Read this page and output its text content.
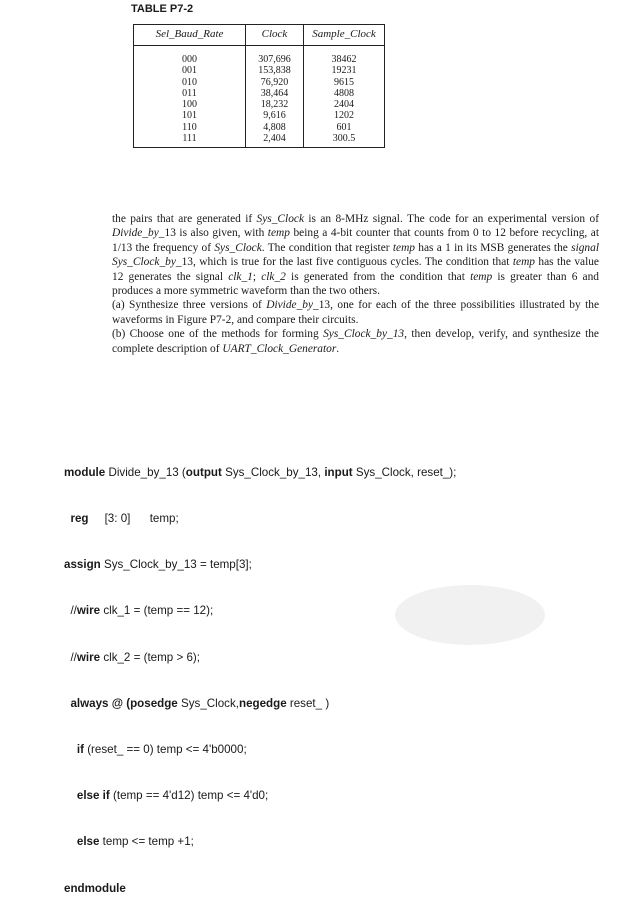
TABLE P7-2
Sel_Baud_Rate	Clock	Sample_Clock
000	307,696	38462
001	153,838	19231
010	76,920	9615
011	38,464	4808
100	18,232	2404
101	9,616	1202
110	4,808	601
111	2,404	300.5

the pairs that are generated if Sys_Clock is an 8-MHz signal. The code for an experimental version of Divide_by_13 is also given, with temp being a 4-bit counter that counts from 0 to 12 before recycling, at 1/13 the frequency of Sys_Clock. The condition that register temp has a 1 in its MSB generates the signal Sys_Clock_by_13, which is true for the last five contiguous cycles. The condition that temp has the value 12 generates the signal clk_1; clk_2 is generated from the condition that temp is greater than 6 and produces a more symmetric waveform than the two others.

(a) Synthesize three versions of Divide_by_13, one for each of the three possibilities illustrated by the waveforms in Figure P7-2, and compare their circuits.

(b) Choose one of the methods for forming Sys_Clock_by_13, then develop, verify, and synthesize the complete description of UART_Clock_Generator.

module Divide_by_13 (output Sys_Clock_by_13, input Sys_Clock, reset_);

reg     [3: 0]      temp;

assign Sys_Clock_by_13 = temp[3];

//wire clk_1 = (temp == 12);

//wire clk_2 = (temp > 6);

always @ (posedge Sys_Clock,negedge reset_ )

if (reset_ == 0) temp <= 4'b0000;

else if (temp == 4'd12) temp <= 4'd0;

else temp <= temp +1;

endmodule
